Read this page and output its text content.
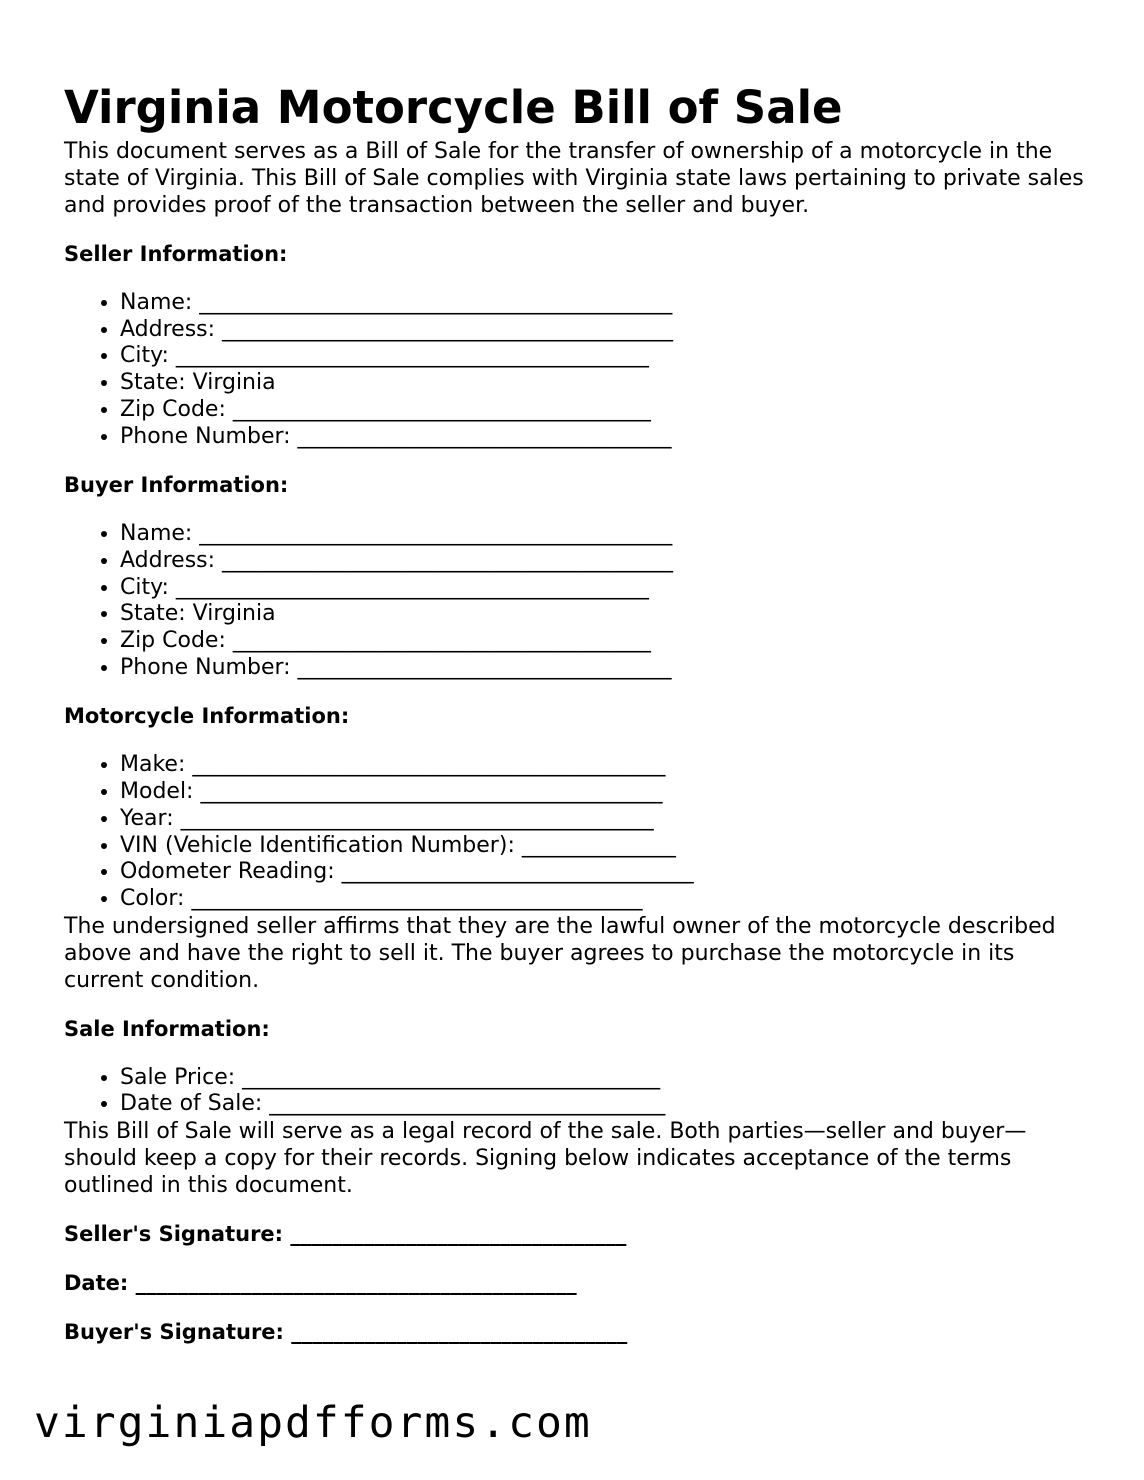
Virginia Motorcycle Bill of Sale

This document serves as a Bill of Sale for the transfer of ownership of a motorcycle in the state of Virginia. This Bill of Sale complies with Virginia state laws pertaining to private sales and provides proof of the transaction between the seller and buyer.

Seller Information:
• Name: ___________________________________________
• Address: _________________________________________
• City: ___________________________________________
• State: Virginia
• Zip Code: ______________________________________
• Phone Number: __________________________________
Buyer Information:
• Name: ___________________________________________
• Address: _________________________________________
• City: ___________________________________________
• State: Virginia
• Zip Code: ______________________________________
• Phone Number: __________________________________
Motorcycle Information:
• Make: ___________________________________________
• Model: __________________________________________
• Year: ___________________________________________
• VIN (Vehicle Identification Number): ______________
• Odometer Reading: ________________________________
• Color: _________________________________________

The undersigned seller affirms that they are the lawful owner of the motorcycle described above and have the right to sell it. The buyer agrees to purchase the motorcycle in its current condition.

Sale Information:
• Sale Price: ______________________________________
• Date of Sale: ____________________________________

This Bill of Sale will serve as a legal record of the sale. Both parties—seller and buyer—should keep a copy for their records. Signing below indicates acceptance of the terms outlined in this document.

Seller's Signature: ________________________________

Date: __________________________________________

Buyer's Signature: ________________________________

virginiapdfforms.com
